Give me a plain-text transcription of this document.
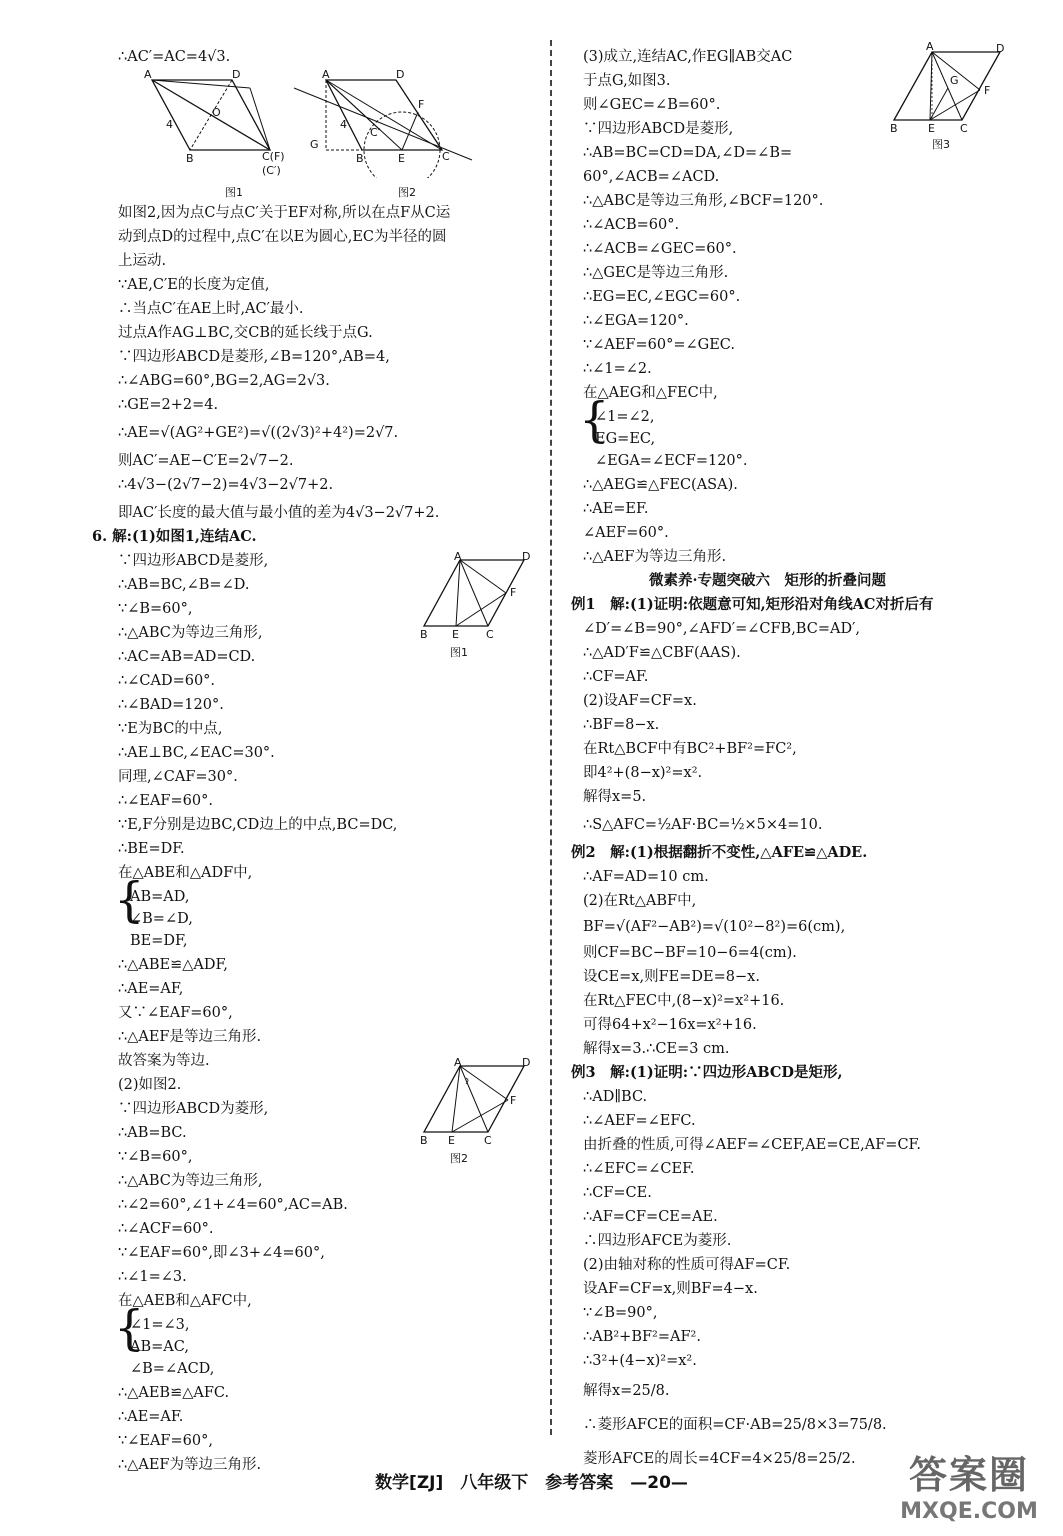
∴AC′=AC=4√3.
如图2,因为点C与点C′关于EF对称,所以在点F从C运
动到点D的过程中,点C′在以E为圆心,EC为半径的圆
上运动.
∵AE,C′E的长度为定值,
∴当点C′在AE上时,AC′最小.
过点A作AG⊥BC,交CB的延长线于点G.
∵四边形ABCD是菱形,∠B=120°,AB=4,
∴∠ABG=60°,BG=2,AG=2√3.
∴GE=2+2=4.
∴AE=√(AG²+GE²)=√((2√3)²+4²)=2√7.
则AC′=AE−C′E=2√7−2.
∴4√3−(2√7−2)=4√3−2√7+2.
即AC′长度的最大值与最小值的差为4√3−2√7+2.
6. 解:(1)如图1,连结AC.
∵四边形ABCD是菱形,
∴AB=BC,∠B=∠D.
∵∠B=60°,
∴△ABC为等边三角形,
∴AC=AB=AD=CD.
∴∠CAD=60°.
∴∠BAD=120°.
∵E为BC的中点,
∴AE⊥BC,∠EAC=30°.
同理,∠CAF=30°.
∴∠EAF=60°.
∵E,F分别是边BC,CD边上的中点,BC=DC,
∴BE=DF.
在△ABE和△ADF中,
{
AB=AD,
∠B=∠D,
BE=DF,
∴△ABE≌△ADF,
∴AE=AF,
又∵∠EAF=60°,
∴△AEF是等边三角形.
故答案为等边.
(2)如图2.
∵四边形ABCD为菱形,
∴AB=BC.
∵∠B=60°,
∴△ABC为等边三角形,
∴∠2=60°,∠1+∠4=60°,AC=AB.
∴∠ACF=60°.
∵∠EAF=60°,即∠3+∠4=60°,
∴∠1=∠3.
在△AEB和△AFC中,
{
∠1=∠3,
AB=AC,
∠B=∠ACD,
∴△AEB≌△AFC.
∴AE=AF.
∵∠EAF=60°,
∴△AEF为等边三角形.
A	D
B	C(F)
(C′)
O
4
图1
A	D
G
B	E	C
F
C′
4
图2
A	D
B E C
F
图1
A	D
B E	C
F
图2
(3)成立,连结AC,作EG∥AB交AC
于点G,如图3.
则∠GEC=∠B=60°.
∵四边形ABCD是菱形,
∴AB=BC=CD=DA,∠D=∠B=
60°,∠ACB=∠ACD.
∴△ABC是等边三角形,∠BCF=120°.
∴∠ACB=60°.
∴∠ACB=∠GEC=60°.
∴△GEC是等边三角形.
∴EG=EC,∠EGC=60°.
∴∠EGA=120°.
∵∠AEF=60°=∠GEC.
∴∠1=∠2.
在△AEG和△FEC中,
{
∠1=∠2,
EG=EC,
∠EGA=∠ECF=120°.
∴△AEG≌△FEC(ASA).
∴AE=EF.
∠AEF=60°.
∴△AEF为等边三角形.
微素养·专题突破六　矩形的折叠问题
例1　解:(1)证明:依题意可知,矩形沿对角线AC对折后有
∠D′=∠B=90°,∠AFD′=∠CFB,BC=AD′,
∴△AD′F≌△CBF(AAS).
∴CF=AF.
(2)设AF=CF=x.
∴BF=8−x.
在Rt△BCF中有BC²+BF²=FC²,
即4²+(8−x)²=x².
解得x=5.
∴S△AFC=½AF·BC=½×5×4=10.
例2　解:(1)根据翻折不变性,△AFE≌△ADE.
∴AF=AD=10 cm.
(2)在Rt△ABF中,
BF=√(AF²−AB²)=√(10²−8²)=6(cm),
则CF=BC−BF=10−6=4(cm).
设CE=x,则FE=DE=8−x.
在Rt△FEC中,(8−x)²=x²+16.
可得64+x²−16x=x²+16.
解得x=3.∴CE=3 cm.
例3　解:(1)证明:∵四边形ABCD是矩形,
∴AD∥BC.
∴∠AEF=∠EFC.
由折叠的性质,可得∠AEF=∠CEF,AE=CE,AF=CF.
∴∠EFC=∠CEF.
∴CF=CE.
∴AF=CF=CE=AE.
∴四边形AFCE为菱形.
(2)由轴对称的性质可得AF=CF.
设AF=CF=x,则BF=4−x.
∵∠B=90°,
∴AB²+BF²=AF².
∴3²+(4−x)²=x².
解得x=25/8.
∴菱形AFCE的面积=CF·AB=25/8×3=75/8.
菱形AFCE的周长=4CF=4×25/8=25/2.
A	D
B	E C
F
G
图3
数学[ZJ]　八年级下　参考答案　—20—	答案圈
MXQE.COM
